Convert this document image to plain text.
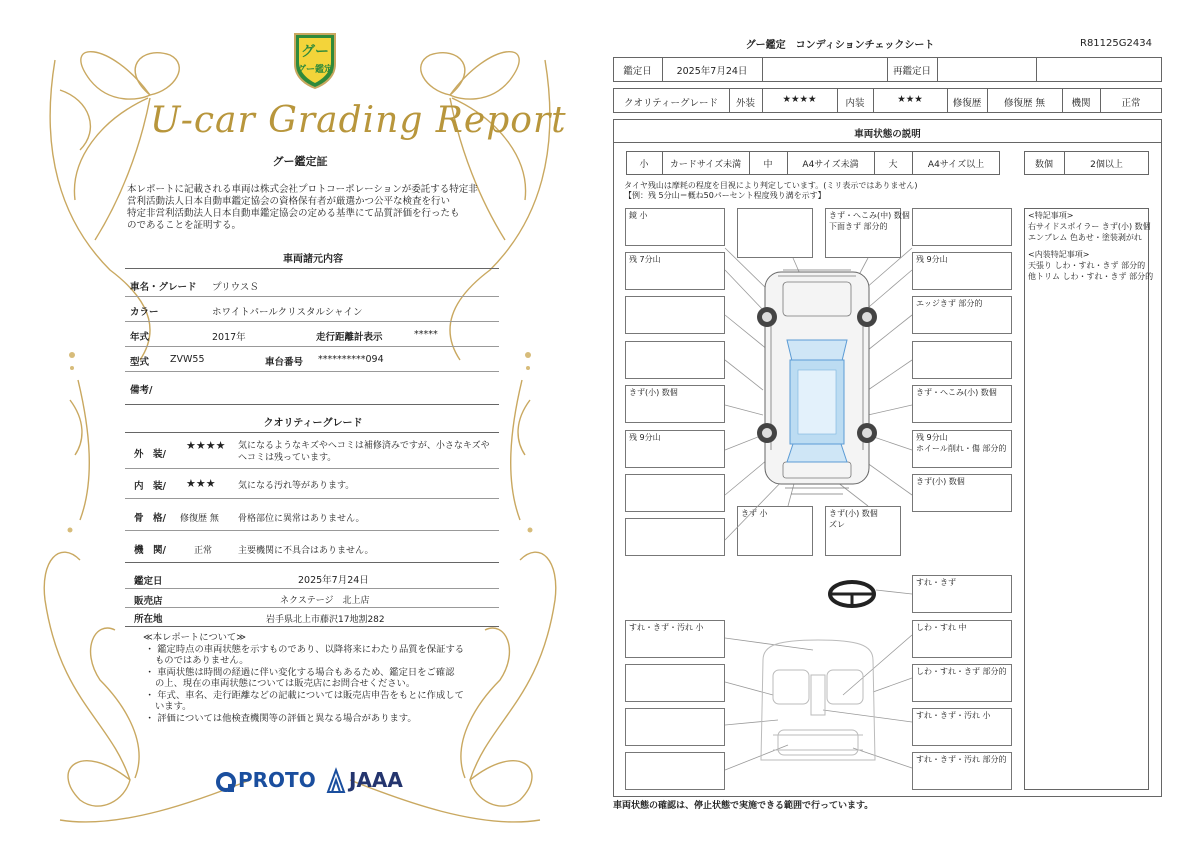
グー
グー鑑定
U-car Grading Report
グー鑑定証
本レポートに記載される車両は株式会社プロトコーポレーションが委託する特定非
営利活動法人日本自動車鑑定協会の資格保有者が厳選かつ公平な検査を行い
特定非営利活動法人日本自動車鑑定協会の定める基準にて品質評価を行ったも
のであることを証明する。
車両諸元内容
車名・グレード プリウスＳ
カラー	ホワイトパールクリスタルシャイン
年式	2017年	走行距離計表示	*****
型式 ZVW55	車台番号 **********094
備考/
クオリティーグレード
外　装/
★★★★ 気になるようなキズやヘコミは補修済みですが、小さなキズや
ヘコミは残っています。
内　装/ ★★★ 気になる汚れ等があります。
骨　格/ 修復歴 無 骨格部位に異常はありません。
機　関/	正常	主要機関に不具合はありません。
鑑定日	2025年7月24日
販売店	ネクステージ　北上店
所在地	岩手県北上市藤沢17地割282

≪本レポートについて≫

・ 鑑定時点の車両状態を示すものであり、以降将来にわたり品質を保証する
ものではありません。

・ 車両状態は時間の経過に伴い変化する場合もあるため、鑑定日をご確認
の上、現在の車両状態については販売店にお問合せください。

・ 年式、車名、走行距離などの記載については販売店申告をもとに作成して
います。

・ 評価については他検査機関等の評価と異なる場合があります。

PROTO JAAA
グー鑑定　コンディションチェックシート	R81125G2434
鑑定日	2025年7月24日	再鑑定日
クオリティーグレード	外装	★★★★	内装	★★★	修復歴	修復歴 無	機関	正常
車両状態の説明
小	カードサイズ未満	中	A4サイズ未満	大	A4サイズ以上	数個	2個以上
タイヤ残山は摩耗の程度を目視により判定しています。(ミリ表示ではありません)
【例：残 5分山＝概ね50パーセント程度残り溝を示す】
鏡 小
残 7分山
きず(小) 数個
残 9分山
きず・へこみ(中) 数個
下面きず 部分的
残 9分山
エッジきず 部分的
きず・へこみ(小) 数個
残 9分山
ホイール削れ・傷 部分的
きず(小) 数個
きず 小	きず(小) 数個
ズレ
すれ・きず
すれ・きず・汚れ 小	しわ・すれ 中
しわ・すれ・きず 部分的
すれ・きず・汚れ 小
すれ・きず・汚れ 部分的
<特記事項>
右サイドスポイラー きず(小) 数個
エンブレム 色あせ・塗装剥がれ
<内装特記事項>
天張り しわ・すれ・きず 部分的
他トリム しわ・すれ・きず 部分的
車両状態の確認は、停止状態で実施できる範囲で行っています。
